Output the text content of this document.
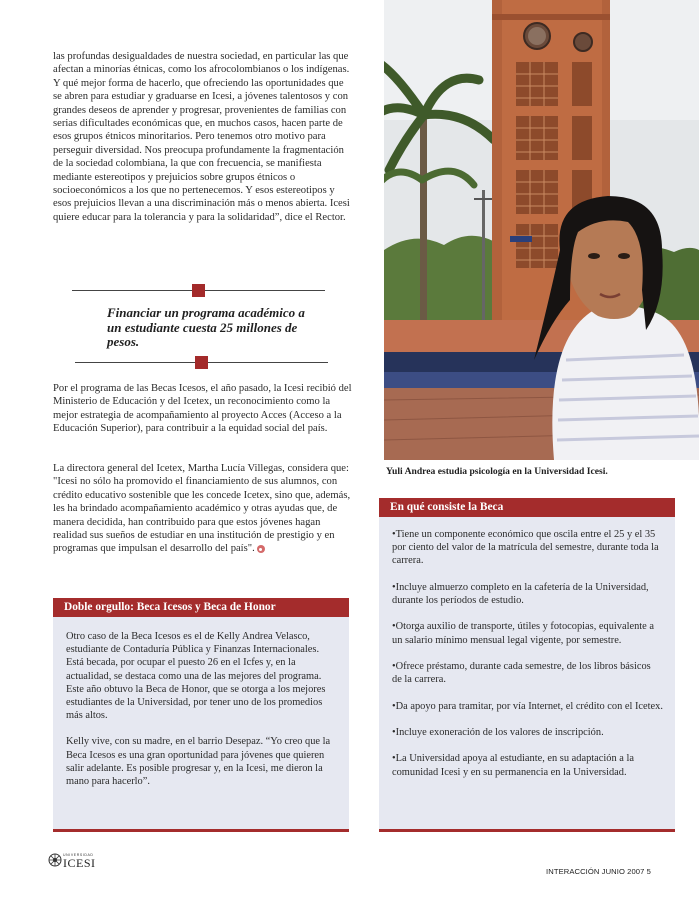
las profundas desigualdades de nuestra sociedad, en particular las que afectan a minorías étnicas, como los afrocolombianos o los indígenas. Y qué mejor forma de hacerlo, que ofreciendo las oportunidades que se abren para estudiar y graduarse en Icesi, a jóvenes talentosos y con grandes deseos de aprender y progresar, provenientes de familias con serias dificultades económicas que, en muchos casos, hacen parte de esos grupos étnicos minoritarios. Pero tenemos otro motivo para perseguir diversidad. Nos preocupa profundamente la fragmentación de la sociedad colombiana, la que con frecuencia, se manifiesta mediante estereotipos y prejuicios sobre grupos étnicos o socioeconómicos a los que no pertenecemos. Y esos estereotipos y esos prejuicios llevan a una discriminación más o menos abierta. Icesi quiere educar para la tolerancia y para la solidaridad”, dice el Rector.

Financiar un programa académico a un estudiante cuesta 25 millones de pesos.

Por el programa de las Becas Icesos, el año pasado, la Icesi recibió del Ministerio de Educación y del Icetex, un reconocimiento como la mejor estrategia de acompañamiento al proyecto Acces (Acceso a la Educación Superior), para contribuir a la equidad social del país.

La directora general del Icetex, Martha Lucía Villegas, considera que: "Icesi no sólo ha promovido el financiamiento de sus alumnos, con crédito educativo sostenible que les concede Icetex, sino que, además, les ha brindado acompañamiento académico y otras ayudas que, de manera decidida, han contribuido para que estos jóvenes hagan realidad sus sueños de estudiar en una institución de prestigio y en programas que impulsan el desarrollo del país".

Yuli Andrea estudia psicología en la Universidad Icesi.
En qué consiste la Beca

•Tiene un componente económico que oscila entre el 25 y el 35 por ciento del valor de la matrícula del semestre, durante toda la carrera.

•Incluye almuerzo completo en la cafetería de la Universidad, durante los períodos de estudio.

•Otorga auxilio de transporte, útiles y fotocopias, equivalente a un salario mínimo mensual legal vigente, por semestre.

•Ofrece préstamo, durante cada semestre, de los libros básicos de la carrera.

•Da apoyo para tramitar, por vía Internet, el crédito con el Icetex.

•Incluye exoneración de los valores de inscripción.

•La Universidad apoya al estudiante, en su adaptación a la comunidad Icesi y en su permanencia en la Universidad.

Doble orgullo: Beca Icesos y Beca de Honor

Otro caso de la Beca Icesos es el de Kelly Andrea Velasco, estudiante de Contaduría Pública y Finanzas Internacionales. Está becada, por ocupar el puesto 26 en el Icfes y, en la actualidad, se destaca como una de las mejores del programa. Este año obtuvo la Beca de Honor, que se otorga a los mejores estudiantes de la Universidad, por tener uno de los promedios más altos.

Kelly vive, con su madre, en el barrio Desepaz. “Yo creo que la Beca Icesos es una gran oportunidad para jóvenes que quieren salir adelante. Es posible progresar y, en la Icesi, me dieron la mano para hacerlo”.

UNIVERSIDAD
ICESI
INTERACCIÓN JUNIO 2007 5
